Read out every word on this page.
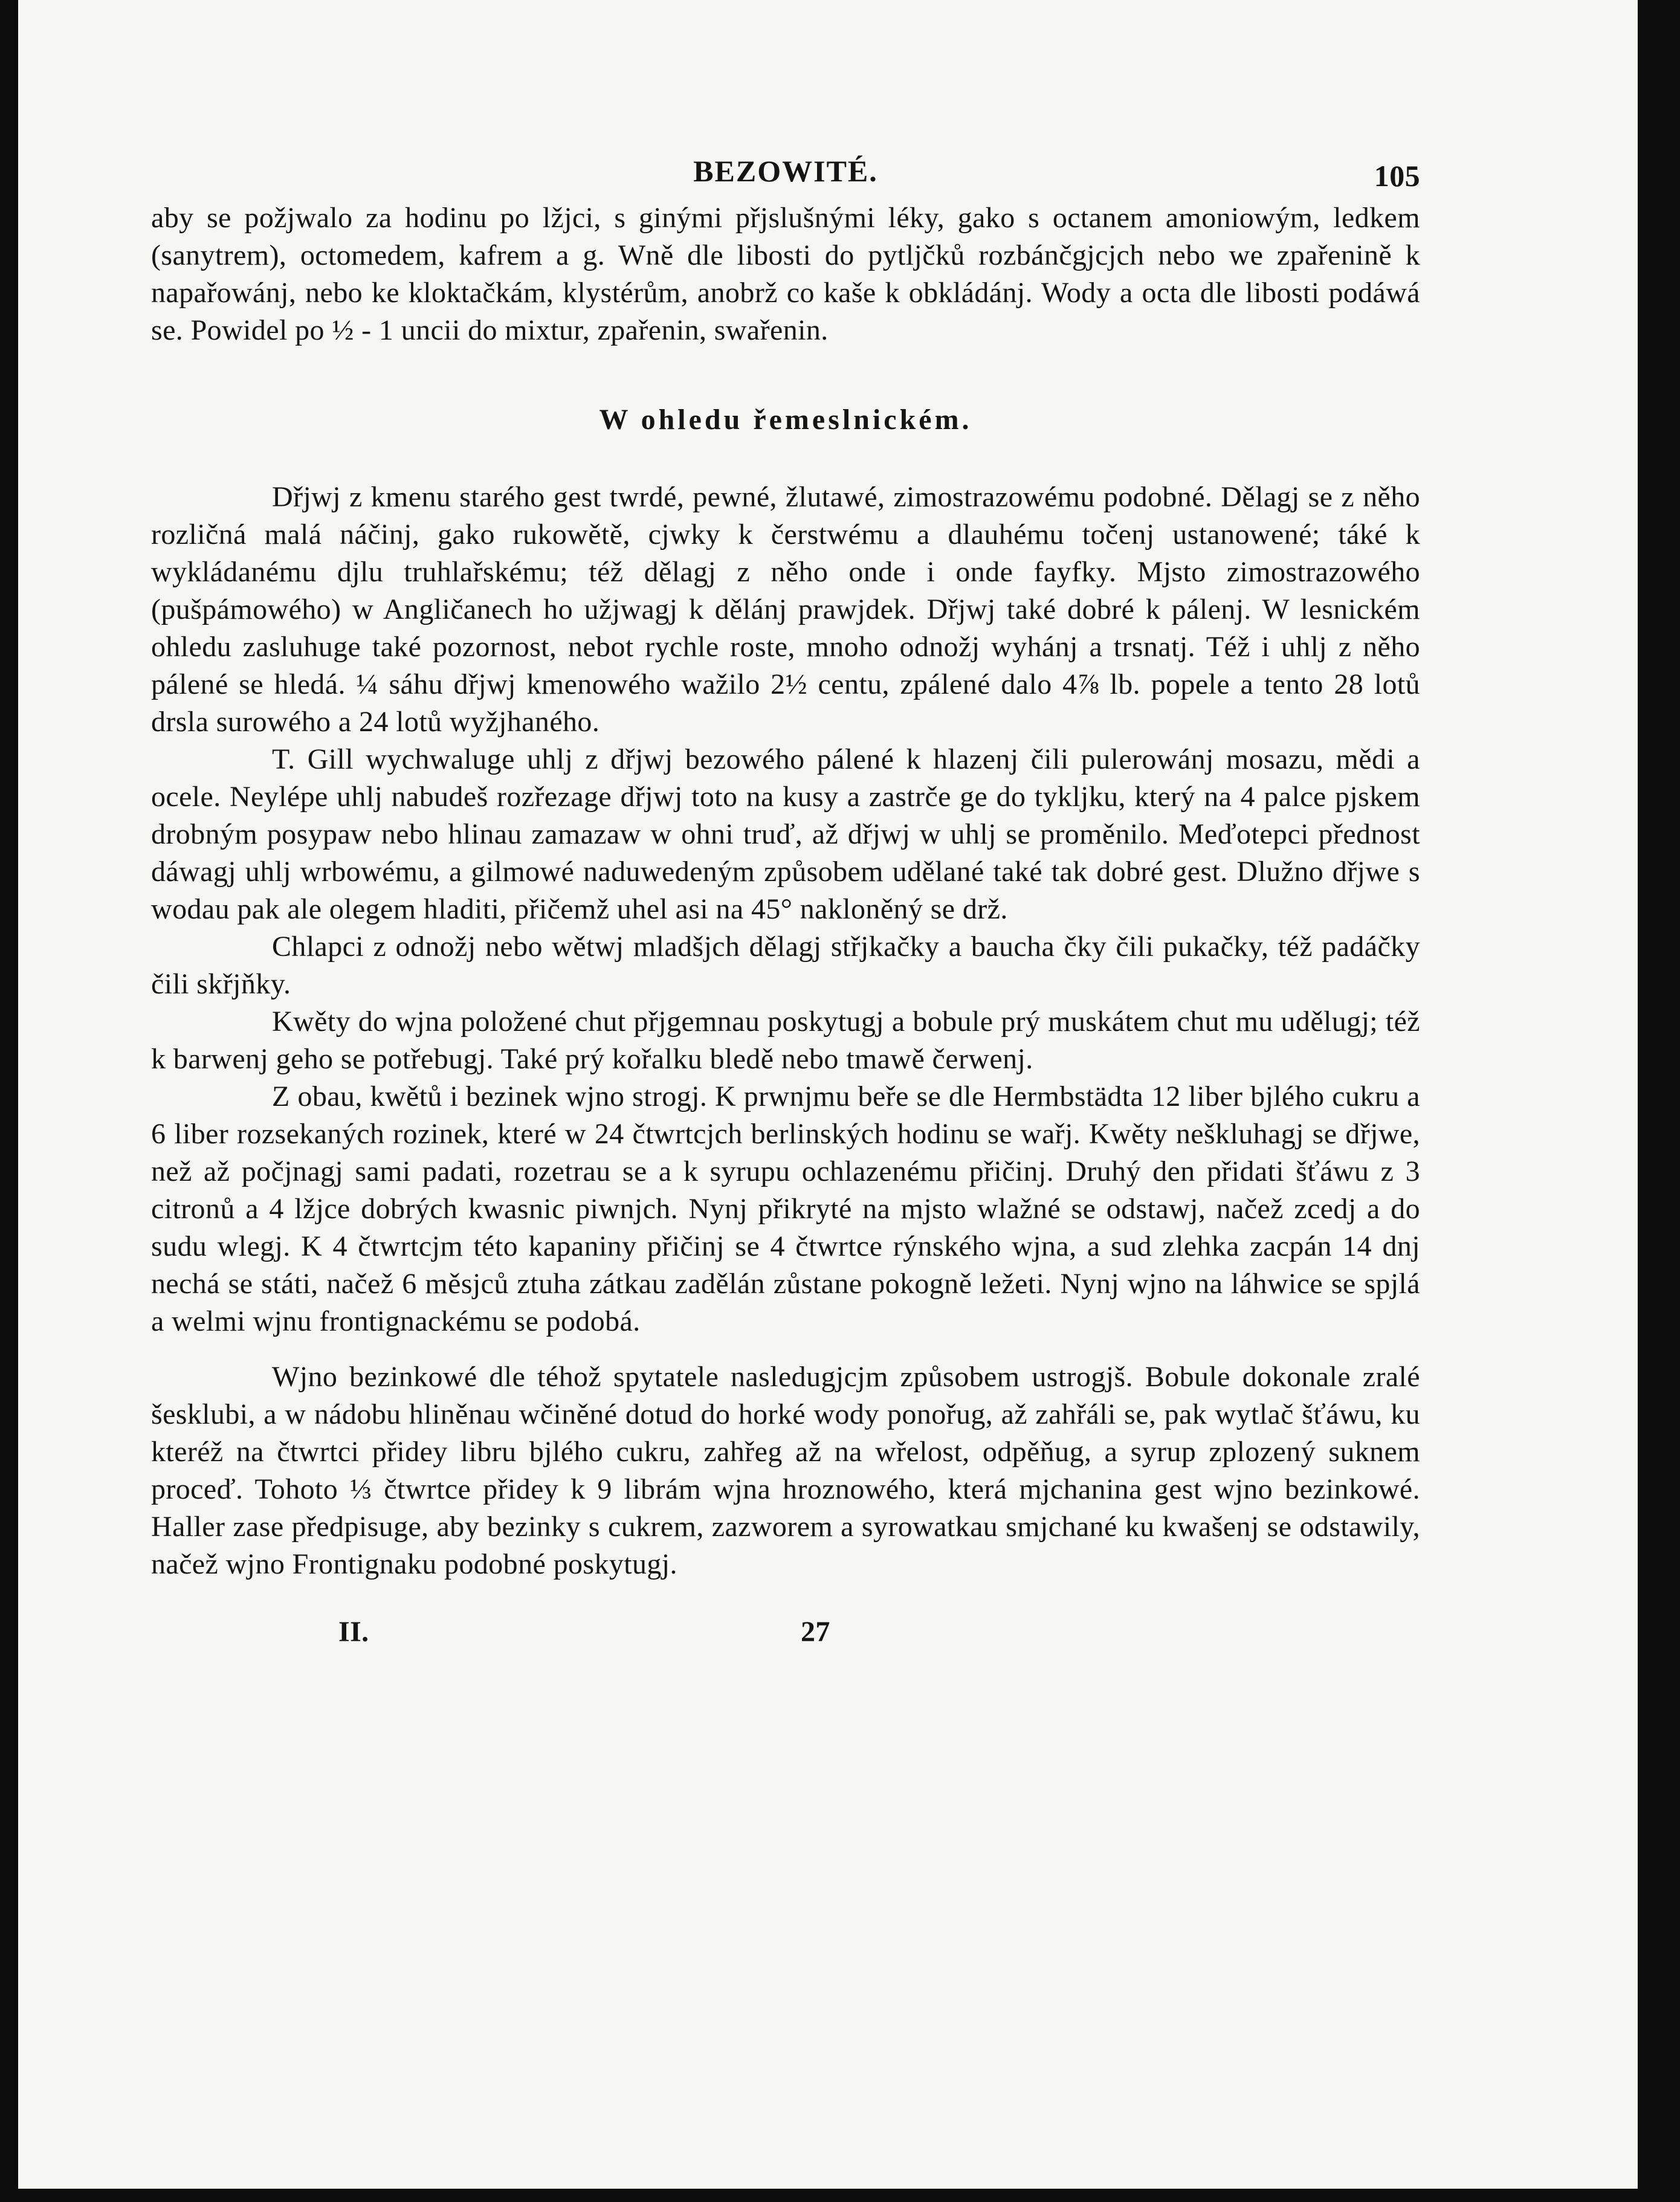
BEZOWITÉ.	105

aby se požjwalo za hodinu po lžjci, s ginými přjslušnými léky, gako s octanem amoniowým, ledkem (sanytrem), octomedem, kafrem a g. Wně dle libosti do pytljčků rozbánčgjcjch nebo we zpařenině k napařowánj, nebo ke kloktačkám, klystérům, anobrž co kaše k obkládánj. Wody a octa dle libosti podáwá se. Powidel po ½ - 1 uncii do mixtur, zpařenin, swařenin.

W ohledu řemeslnickém.

Dřjwj z kmenu starého gest twrdé, pewné, žlutawé, zimostrazowému podobné. Dělagj se z něho rozličná malá náčinj, gako rukowětě, cjwky k čerstwému a dlauhému točenj ustanowené; táké k wykládanému djlu truhlařskému; též dělagj z něho onde i onde fayfky. Mjsto zimostrazowého (pušpámowého) w Angličanech ho užjwagj k dělánj prawjdek. Dřjwj také dobré k pálenj. W lesnickém ohledu zasluhuge také pozornost, nebot rychle roste, mnoho odnožj wyhánj a trsnatj. Též i uhlj z něho pálené se hledá. ¼ sáhu dřjwj kmenowého wažilo 2½ centu, zpálené dalo 4⅞ lb. popele a tento 28 lotů drsla surowého a 24 lotů wyžjhaného.

T. Gill wychwaluge uhlj z dřjwj bezowého pálené k hlazenj čili pulerowánj mosazu, mědi a ocele. Neylépe uhlj nabudeš rozřezage dřjwj toto na kusy a zastrče ge do tykljku, který na 4 palce pjskem drobným posypaw nebo hlinau zamazaw w ohni truď, až dřjwj w uhlj se proměnilo. Meďotepci přednost dáwagj uhlj wrbowému, a gilmowé naduwedeným způsobem udělané také tak dobré gest. Dlužno dřjwe s wodau pak ale olegem hladiti, přičemž uhel asi na 45° nakloněný se drž.

Chlapci z odnožj nebo wětwj mladšjch dělagj střjkačky a baucha čky čili pukačky, též padáčky čili skřjňky.

Kwěty do wjna položené chut přjgemnau poskytugj a bobule prý muskátem chut mu udělugj; též k barwenj geho se potřebugj. Také prý kořalku bledě nebo tmawě čerwenj.

Z obau, kwětů i bezinek wjno strogj. K prwnjmu beře se dle Hermbstädta 12 liber bjlého cukru a 6 liber rozsekaných rozinek, které w 24 čtwrtcjch berlinských hodinu se wařj. Kwěty neškluhagj se dřjwe, než až počjnagj sami padati, rozetrau se a k syrupu ochlazenému přičinj. Druhý den přidati šťáwu z 3 citronů a 4 lžjce dobrých kwasnic piwnjch. Nynj přikryté na mjsto wlažné se odstawj, načež zcedj a do sudu wlegj. K 4 čtwrtcjm této kapaniny přičinj se 4 čtwrtce rýnského wjna, a sud zlehka zacpán 14 dnj nechá se státi, načež 6 měsjců ztuha zátkau zadělán zůstane pokogně ležeti. Nynj wjno na láhwice se spjlá a welmi wjnu frontignackému se podobá.

Wjno bezinkowé dle téhož spytatele nasledugjcjm způsobem ustrogjš. Bobule dokonale zralé šesklubi, a w nádobu hliněnau wčiněné dotud do horké wody ponořug, až zahřáli se, pak wytlač šťáwu, ku kteréž na čtwrtci přidey libru bjlého cukru, zahřeg až na wřelost, odpěňug, a syrup zplozený suknem proceď. Tohoto ⅓ čtwrtce přidey k 9 librám wjna hroznowého, která mjchanina gest wjno bezinkowé. Haller zase předpisuge, aby bezinky s cukrem, zazworem a syrowatkau smjchané ku kwašenj se odstawily, načež wjno Frontignaku podobné poskytugj.

II.	27
